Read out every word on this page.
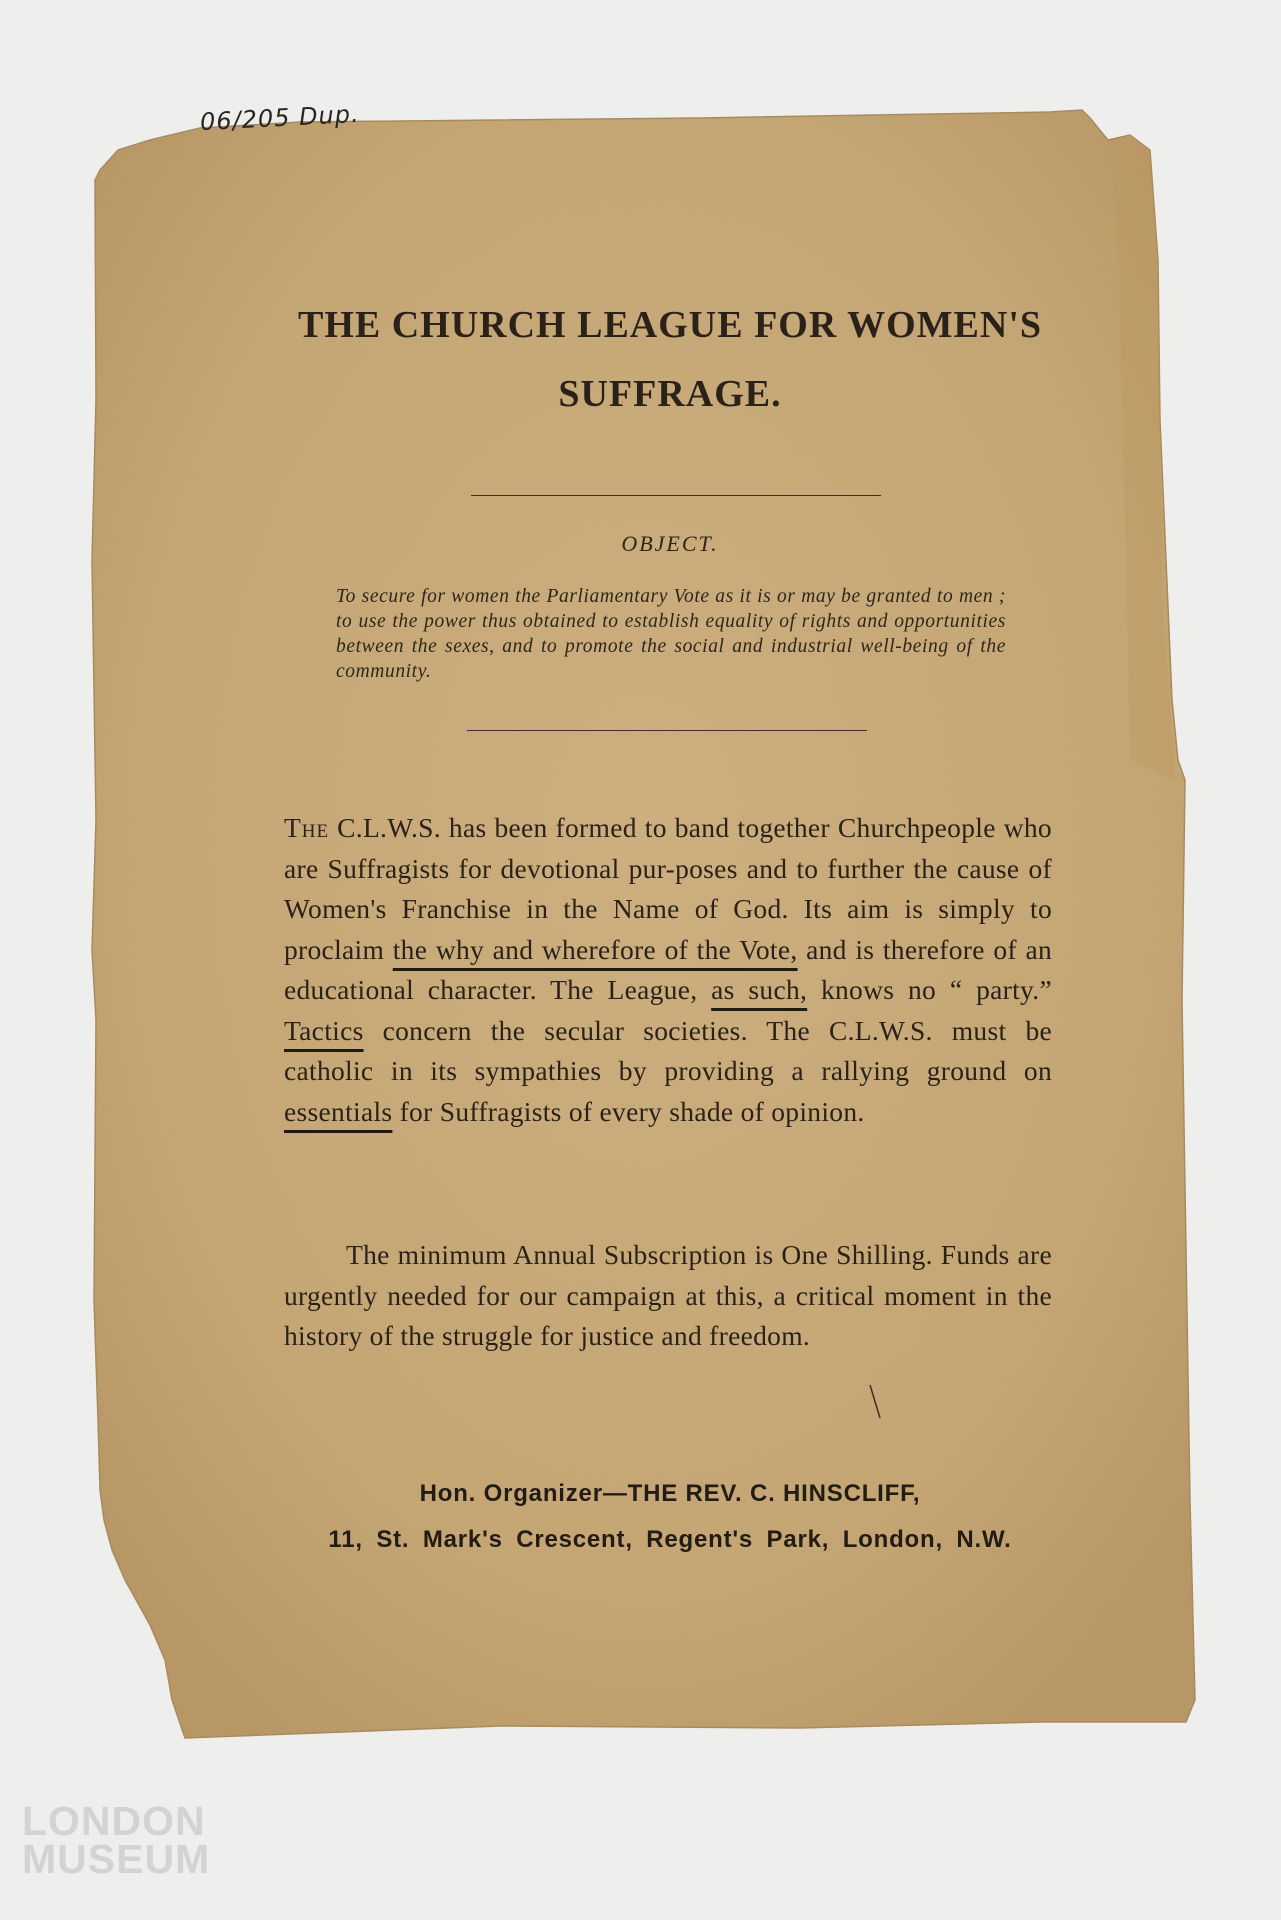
06/205 Dup.
THE CHURCH LEAGUE FOR WOMEN'S
SUFFRAGE.
OBJECT.
To secure for women the Parliamentary Vote as it is or may be granted to men ; to use the power thus obtained to establish equality of rights and opportunities between the sexes, and to promote the social and industrial well-being of the community.

The C.L.W.S. has been formed to band together Churchpeople who are Suffragists for devotional pur-poses and to further the cause of Women's Franchise in the Name of God. Its aim is simply to proclaim the why and wherefore of the Vote, and is therefore of an educational character. The League, as such, knows no “ party.” Tactics concern the secular societies. The C.L.W.S. must be catholic in its sympathies by providing a rallying ground on essentials for Suffragists of every shade of opinion.

The minimum Annual Subscription is One Shilling. Funds are urgently needed for our campaign at this, a critical moment in the history of the struggle for justice and freedom.

Hon. Organizer—THE REV. C. HINSCLIFF,
11, St. Mark's Crescent, Regent's Park, London, N.W.
LONDON
MUSEUM
